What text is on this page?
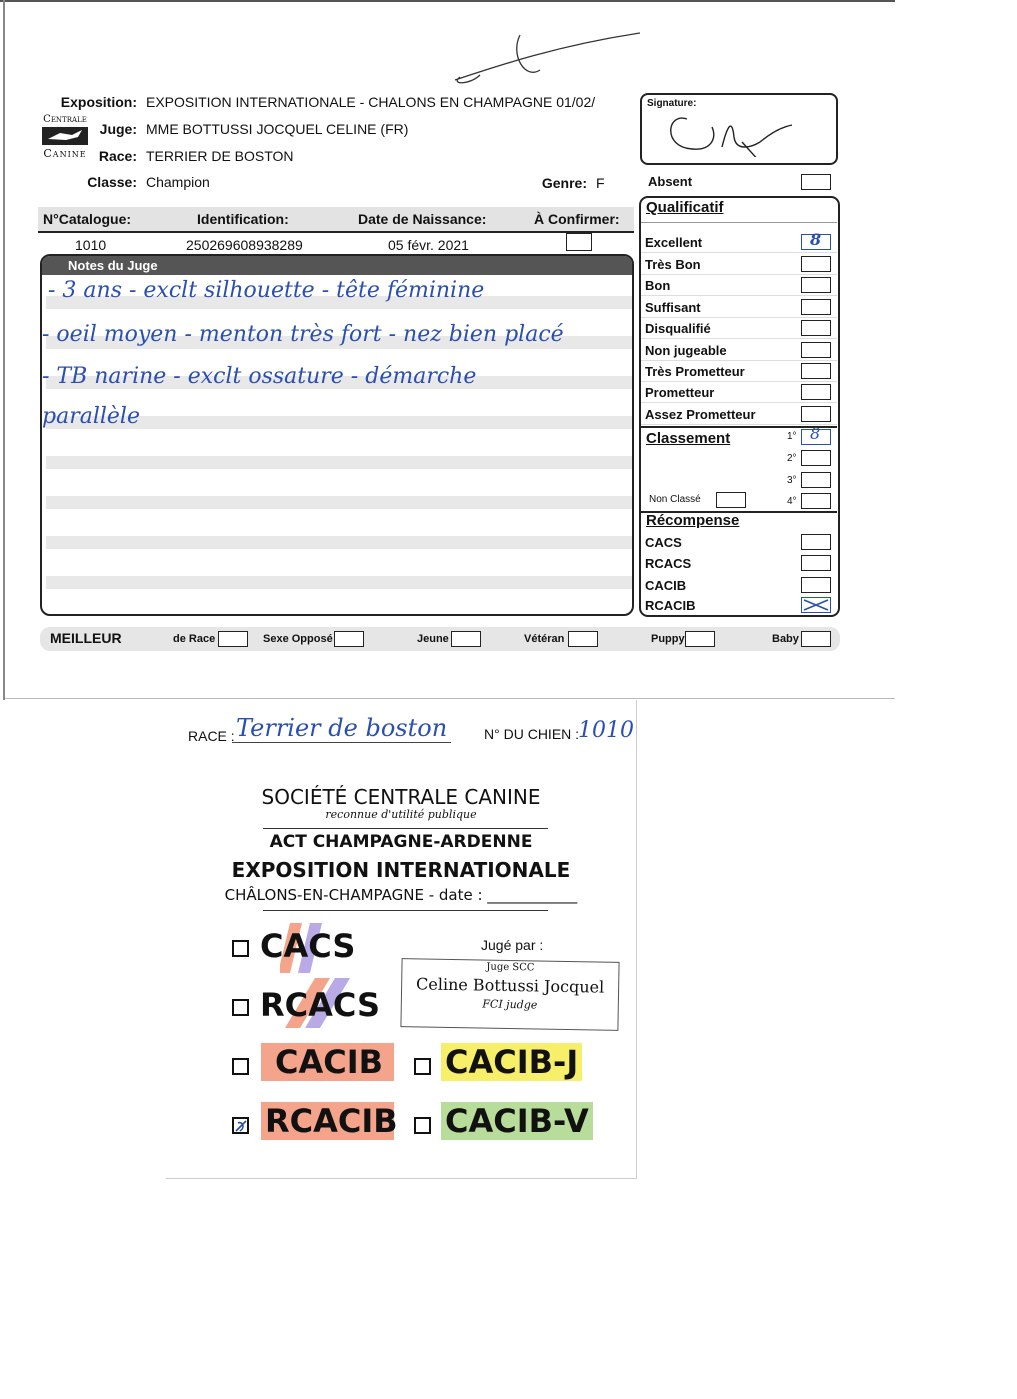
Centrale
Canine
Exposition: EXPOSITION INTERNATIONALE - CHALONS EN CHAMPAGNE 01/02/
Juge: MME BOTTUSSI JOCQUEL CELINE (FR)
Race: TERRIER DE BOSTON
Classe: Champion	Genre: F
Signature:
Absent
N°Catalogue:	Identification:	Date de Naissance:	À Confirmer:
1010	250269608938289	05 févr. 2021
Notes du Juge
- 3 ans - exclt silhouette - tête féminine
- oeil moyen - menton très fort - nez bien placé
- TB narine - exclt ossature - démarche
parallèle
Qualificatif
Excellent	8
Très Bon
Bon
Suffisant
Disqualifié
Non jugeable
Très Prometteur
Prometteur
Assez Prometteur
Classement	1° 8
2°
3°
Non Classé	4°
Récompense
CACS
RCACS
CACIB
RCACIB
MEILLEUR	de Race	Sexe Opposé	Jeune	Vétéran	Puppy	Baby
RACE : Terrier de boston	N° DU CHIEN :
1010
SOCIÉTÉ CENTRALE CANINE
reconnue d'utilité publique
ACT CHAMPAGNE-ARDENNE
EXPOSITION INTERNATIONALE
CHÂLONS-EN-CHAMPAGNE - date : ____________
CACS
RCACS
CACIB	CACIB-J
RCACIB CACIB-V
Jugé par :
Juge SCC
Celine Bottussi Jocquel
FCI judge
